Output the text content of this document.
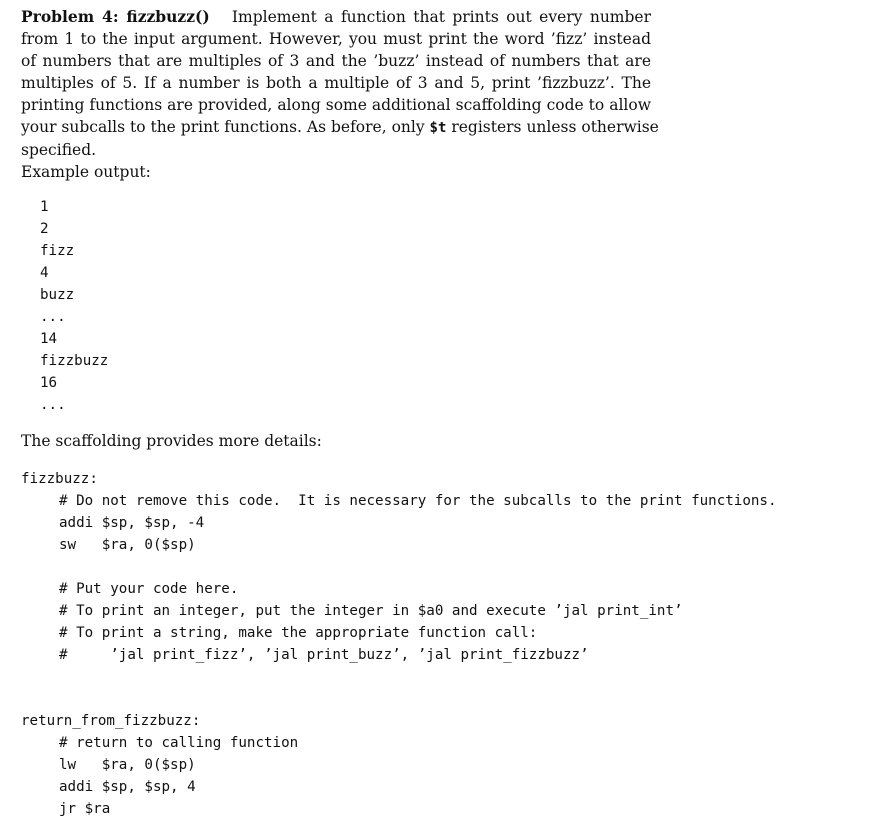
Problem 4: fizzbuzz() Implement a function that prints out every number
from 1 to the input argument. However, you must print the word ’fizz’ instead
of numbers that are multiples of 3 and the ’buzz’ instead of numbers that are
multiples of 5. If a number is both a multiple of 3 and 5, print ’fizzbuzz’. The
printing functions are provided, along some additional scaffolding code to allow
your subcalls to the print functions. As before, only $t registers unless otherwise
specified.
Example output:
1
2
fizz
4
buzz
...
14
fizzbuzz
16
...
The scaffolding provides more details:
fizzbuzz:
# Do not remove this code.  It is necessary for the subcalls to the print functions.
addi $sp, $sp, -4
sw   $ra, 0($sp)
# Put your code here.
# To print an integer, put the integer in $a0 and execute ’jal print_int’
# To print a string, make the appropriate function call:
#     ’jal print_fizz’, ’jal print_buzz’, ’jal print_fizzbuzz’
return_from_fizzbuzz:
# return to calling function
lw   $ra, 0($sp)
addi $sp, $sp, 4
jr $ra
